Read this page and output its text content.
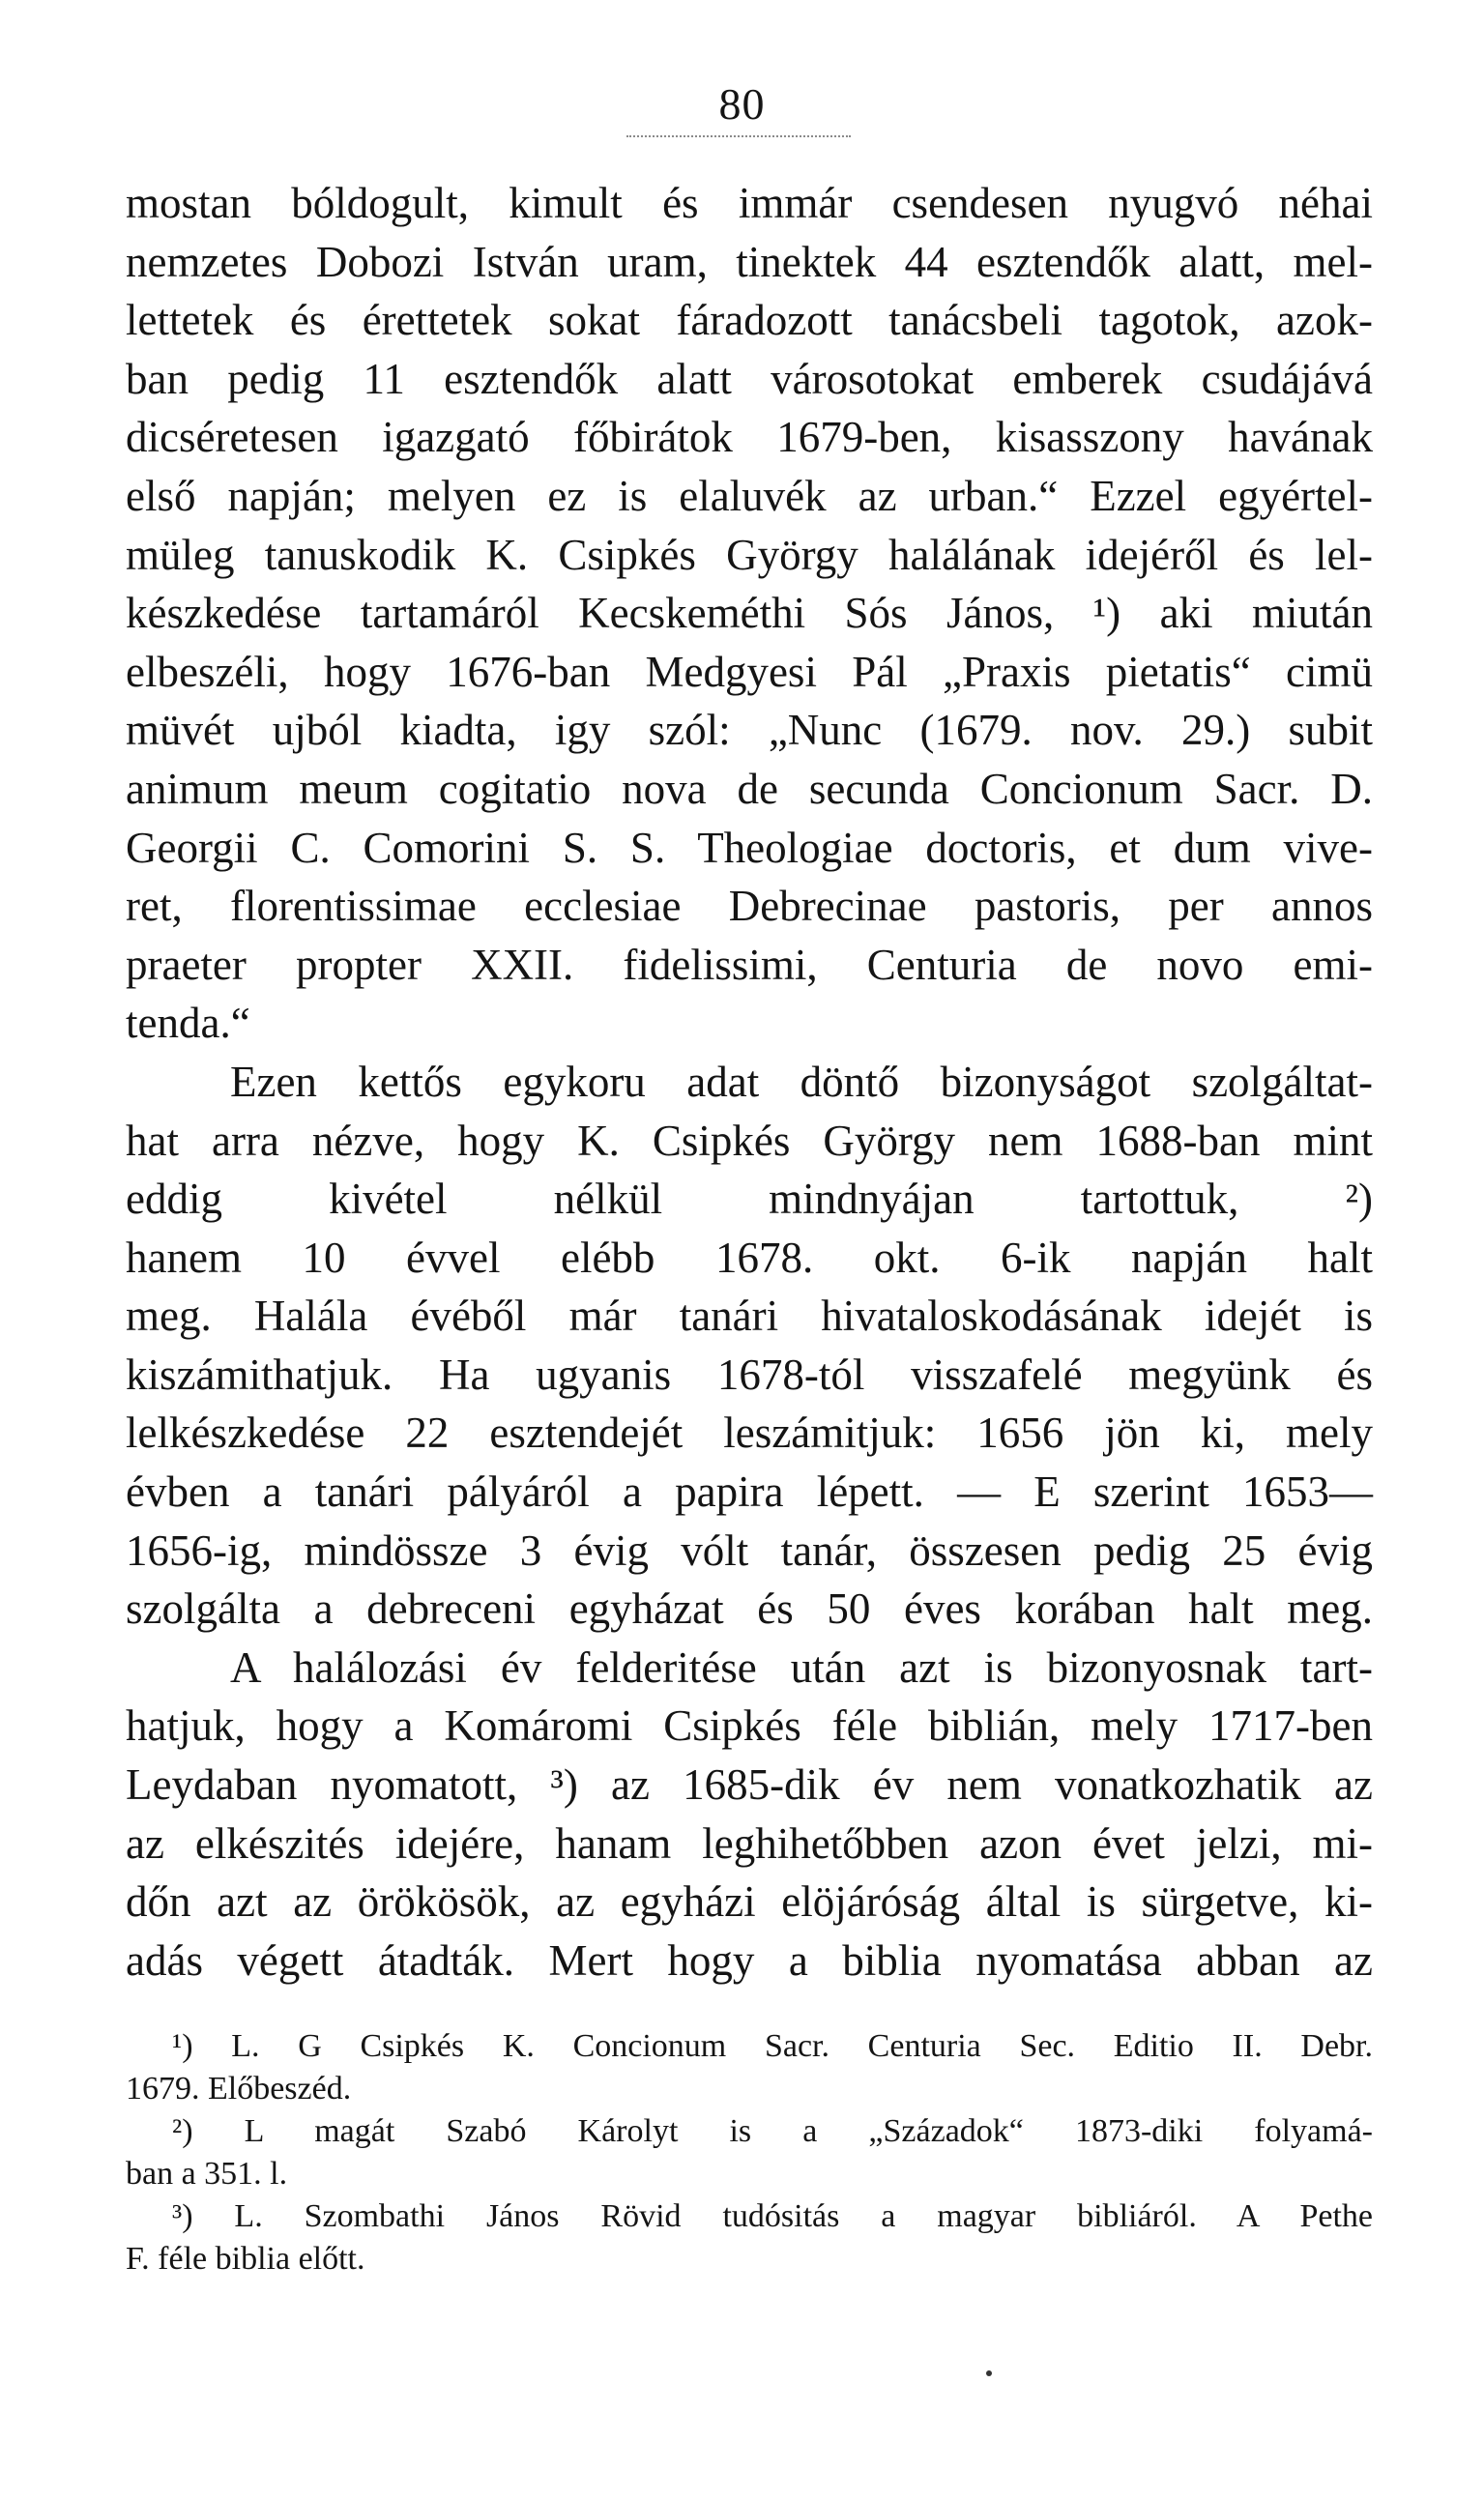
80
mostan bóldogult, kimult és immár csendesen nyugvó néhai
nemzetes Dobozi István uram, tinektek 44 esztendők alatt, mel-
lettetek és érettetek sokat fáradozott tanácsbeli tagotok, azok-
ban pedig 11 esztendők alatt városotokat emberek csudájává
dicséretesen igazgató főbirátok 1679-ben, kisasszony havának
első napján; melyen ez is elaluvék az urban.“ Ezzel egyértel-
müleg tanuskodik K. Csipkés György halálának idejéről és lel-
készkedése tartamáról Kecskeméthi Sós János, ¹) aki miután
elbeszéli, hogy 1676-ban Medgyesi Pál „Praxis pietatis“ cimü
müvét ujból kiadta, igy szól: „Nunc (1679. nov. 29.) subit
animum meum cogitatio nova de secunda Concionum Sacr. D.
Georgii C. Comorini S. S. Theologiae doctoris, et dum vive-
ret, florentissimae ecclesiae Debrecinae pastoris, per annos
praeter propter XXII. fidelissimi, Centuria de novo emi-
tenda.“
Ezen kettős egykoru adat döntő bizonyságot szolgáltat-
hat arra nézve, hogy K. Csipkés György nem 1688-ban mint
eddig kivétel nélkül mindnyájan tartottuk, ²)
hanem 10 évvel elébb 1678. okt. 6-ik napján halt
meg. Halála évéből már tanári hivataloskodásának idejét is
kiszámithatjuk. Ha ugyanis 1678-tól visszafelé megyünk és
lelkészkedése 22 esztendejét leszámitjuk: 1656 jön ki, mely
évben a tanári pályáról a papira lépett. — E szerint 1653—
1656-ig, mindössze 3 évig vólt tanár, összesen pedig 25 évig
szolgálta a debreceni egyházat és 50 éves korában halt meg.
A halálozási év felderitése után azt is bizonyosnak tart-
hatjuk, hogy a Komáromi Csipkés féle biblián, mely 1717-ben
Leydaban nyomatott, ³) az 1685-dik év nem vonatkozhatik az
az elkészités idejére, hanam leghihetőbben azon évet jelzi, mi-
dőn azt az örökösök, az egyházi elöjáróság által is sürgetve, ki-
adás végett átadták. Mert hogy a biblia nyomatása abban az
¹) L. G Csipkés K. Concionum Sacr. Centuria Sec. Editio II. Debr.
1679. Előbeszéd.
²) L magát Szabó Károlyt is a „Századok“ 1873-diki folyamá-
ban a 351. l.
³) L. Szombathi János Rövid tudósitás a magyar bibliáról. A Pethe
F. féle biblia előtt.
